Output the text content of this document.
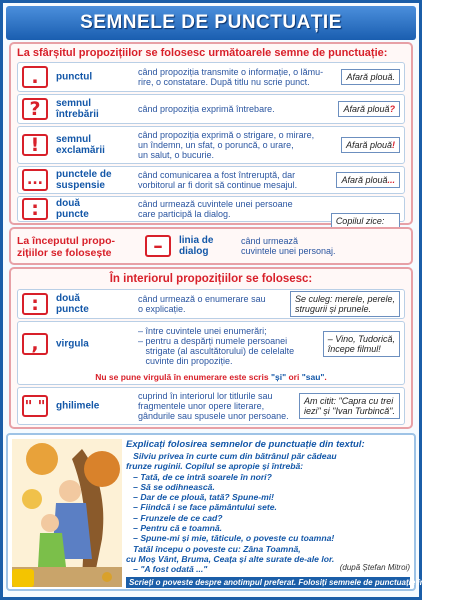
SEMNELE DE PUNCTUAȚIE
La sfârșitul propozițiilor se folosesc următoarele semne de punctuație:
.	punctul	când propoziția transmite o informație, o lămu-
rire, o constatare. După titlu nu scrie punct.	Afară plouă.
?	semnul
întrebării	când propoziția exprimă întrebare.	Afară plouă?
!	semnul
exclamării
când propoziția exprimă o strigare, o mirare,
un îndemn, un sfat, o poruncă, o urare,
un salut, o bucurie.
Afară plouă!
...	punctele de
suspensie
când comunicarea a fost întreruptă, dar
vorbitorul ar fi dorit să continue mesajul.	Afară plouă...
:	două
puncte
când urmează cuvintele unei persoane
care participă la dialog.
Copilul zice:
La începutul propo-
zițiilor se folosește	–	linia de
dialog
când urmează
cuvintele unei personaj.
În interiorul propozițiilor se folosesc:
:	două
puncte
când urmează o enumerare sau
o explicație.
Se culeg: merele, perele,
strugurii și prunele.
,	virgula
– între cuvintele unei enumerări;
– pentru a despărți numele persoanei
strigate (al ascultătorului) de celelalte
cuvinte din propoziție.
– Vino, Tudorică,
începe filmul!
Nu se pune virgulă în enumerare este scris "și" ori "sau".
" " ghilimele
cuprind în interiorul lor titlurile sau
fragmentele unor opere literare,
gândurile sau spusele unor persoane.
Am citit: "Capra cu trei
iezi" și "Ivan Turbincă".
Explicați folosirea semnelor de punctuație din textul:
Silviu privea în curte cum din bătrânul păr cădeau
frunze ruginii. Copilul se apropie și întrebă:
– Tată, de ce intră soarele în nori?
– Să se odihnească.
– Dar de ce plouă, tată? Spune-mi!
– Fiindcă i se face pământului sete.
– Frunzele de ce cad?
– Pentru că e toamnă.
– Spune-mi și mie, tăticule, o poveste cu toamna!
Tatăl începu o poveste cu: Zâna Toamnă,
cu Moș Vânt, Bruma, Ceața și alte surate de-ale lor.
– "A fost odată ..."	(după Ștefan Mitroi)
Scrieți o poveste despre anotimpul preferat. Folosiți semnele de punctuație învățate.
